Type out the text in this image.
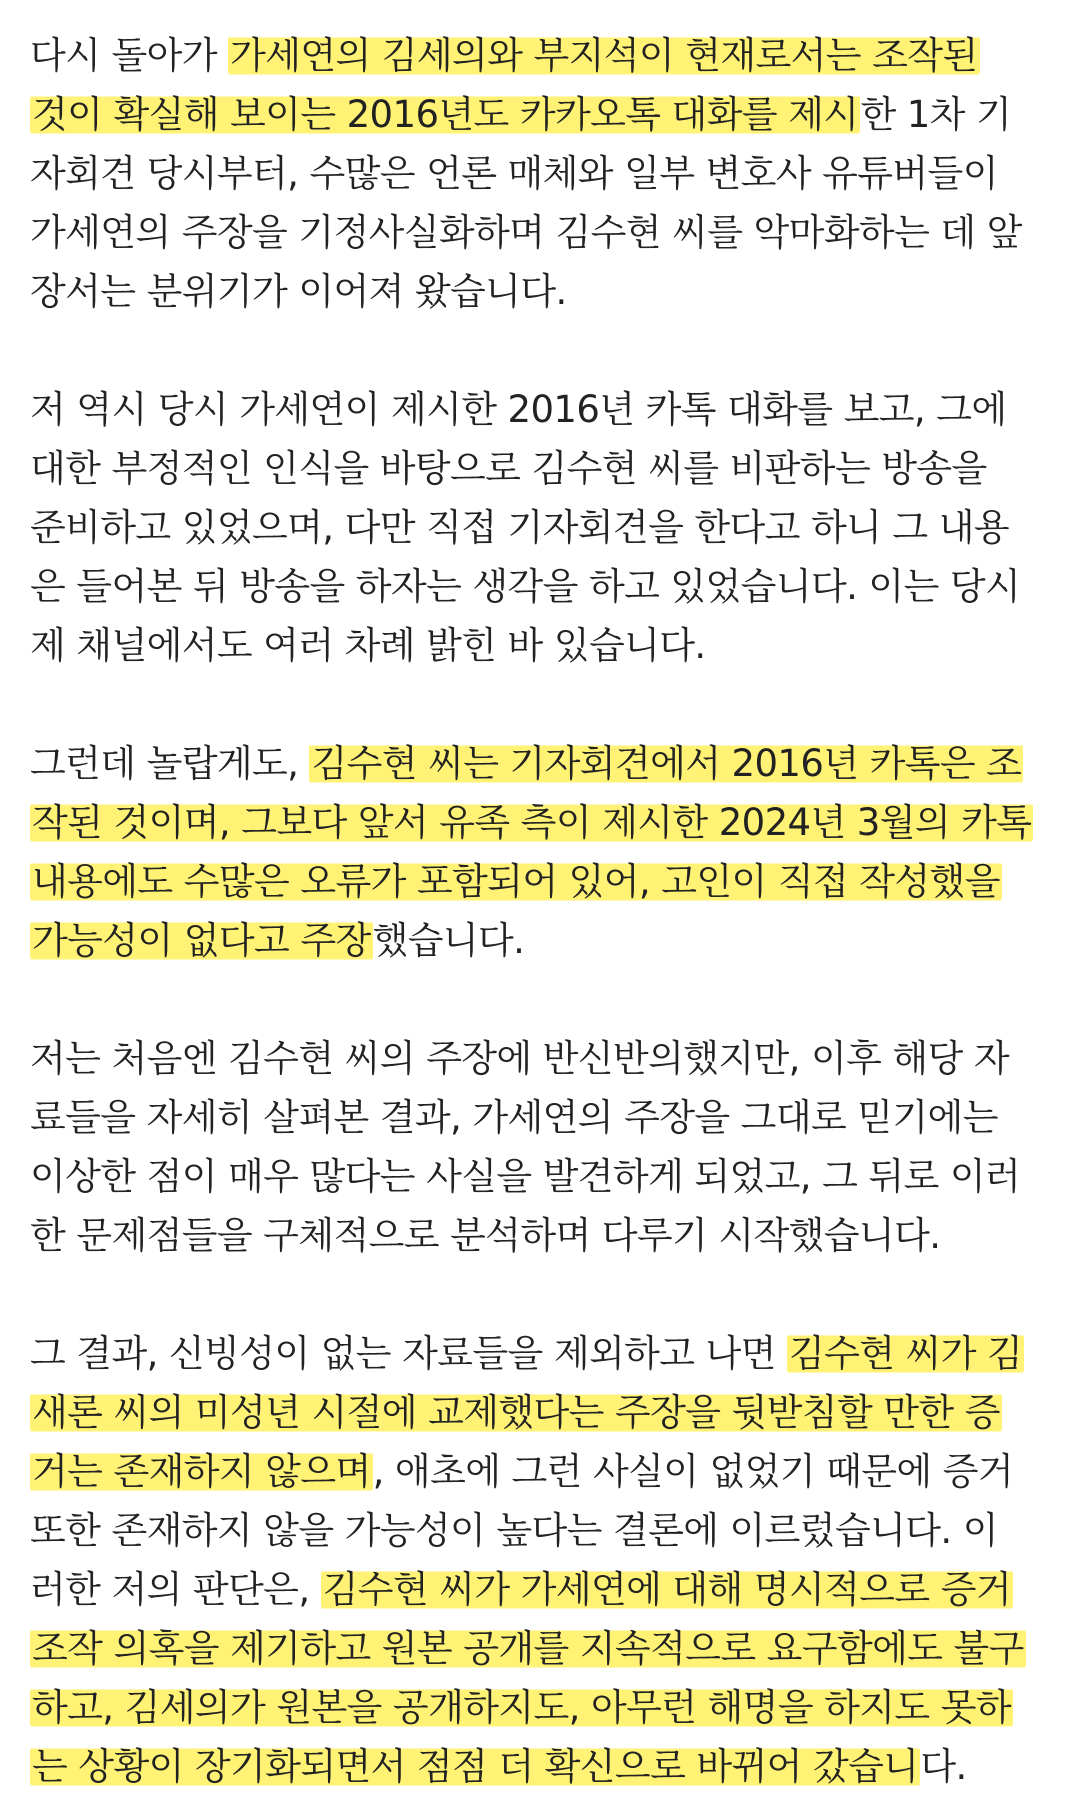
다시 돌아가 가세연의 김세의와 부지석이 현재로서는 조작된
것이 확실해 보이는 2016년도 카카오톡 대화를 제시한 1차 기
자회견 당시부터, 수많은 언론 매체와 일부 변호사 유튜버들이
가세연의 주장을 기정사실화하며 김수현 씨를 악마화하는 데 앞
장서는 분위기가 이어져 왔습니다.
저 역시 당시 가세연이 제시한 2016년 카톡 대화를 보고, 그에
대한 부정적인 인식을 바탕으로 김수현 씨를 비판하는 방송을
준비하고 있었으며, 다만 직접 기자회견을 한다고 하니 그 내용
은 들어본 뒤 방송을 하자는 생각을 하고 있었습니다. 이는 당시
제 채널에서도 여러 차례 밝힌 바 있습니다.
그런데 놀랍게도, 김수현 씨는 기자회견에서 2016년 카톡은 조
작된 것이며, 그보다 앞서 유족 측이 제시한 2024년 3월의 카톡
내용에도 수많은 오류가 포함되어 있어, 고인이 직접 작성했을
가능성이 없다고 주장했습니다.
저는 처음엔 김수현 씨의 주장에 반신반의했지만, 이후 해당 자
료들을 자세히 살펴본 결과, 가세연의 주장을 그대로 믿기에는
이상한 점이 매우 많다는 사실을 발견하게 되었고, 그 뒤로 이러
한 문제점들을 구체적으로 분석하며 다루기 시작했습니다.
그 결과, 신빙성이 없는 자료들을 제외하고 나면 김수현 씨가 김
새론 씨의 미성년 시절에 교제했다는 주장을 뒷받침할 만한 증
거는 존재하지 않으며, 애초에 그런 사실이 없었기 때문에 증거
또한 존재하지 않을 가능성이 높다는 결론에 이르렀습니다. 이
러한 저의 판단은, 김수현 씨가 가세연에 대해 명시적으로 증거
조작 의혹을 제기하고 원본 공개를 지속적으로 요구함에도 불구
하고, 김세의가 원본을 공개하지도, 아무런 해명을 하지도 못하
는 상황이 장기화되면서 점점 더 확신으로 바뀌어 갔습니다.
